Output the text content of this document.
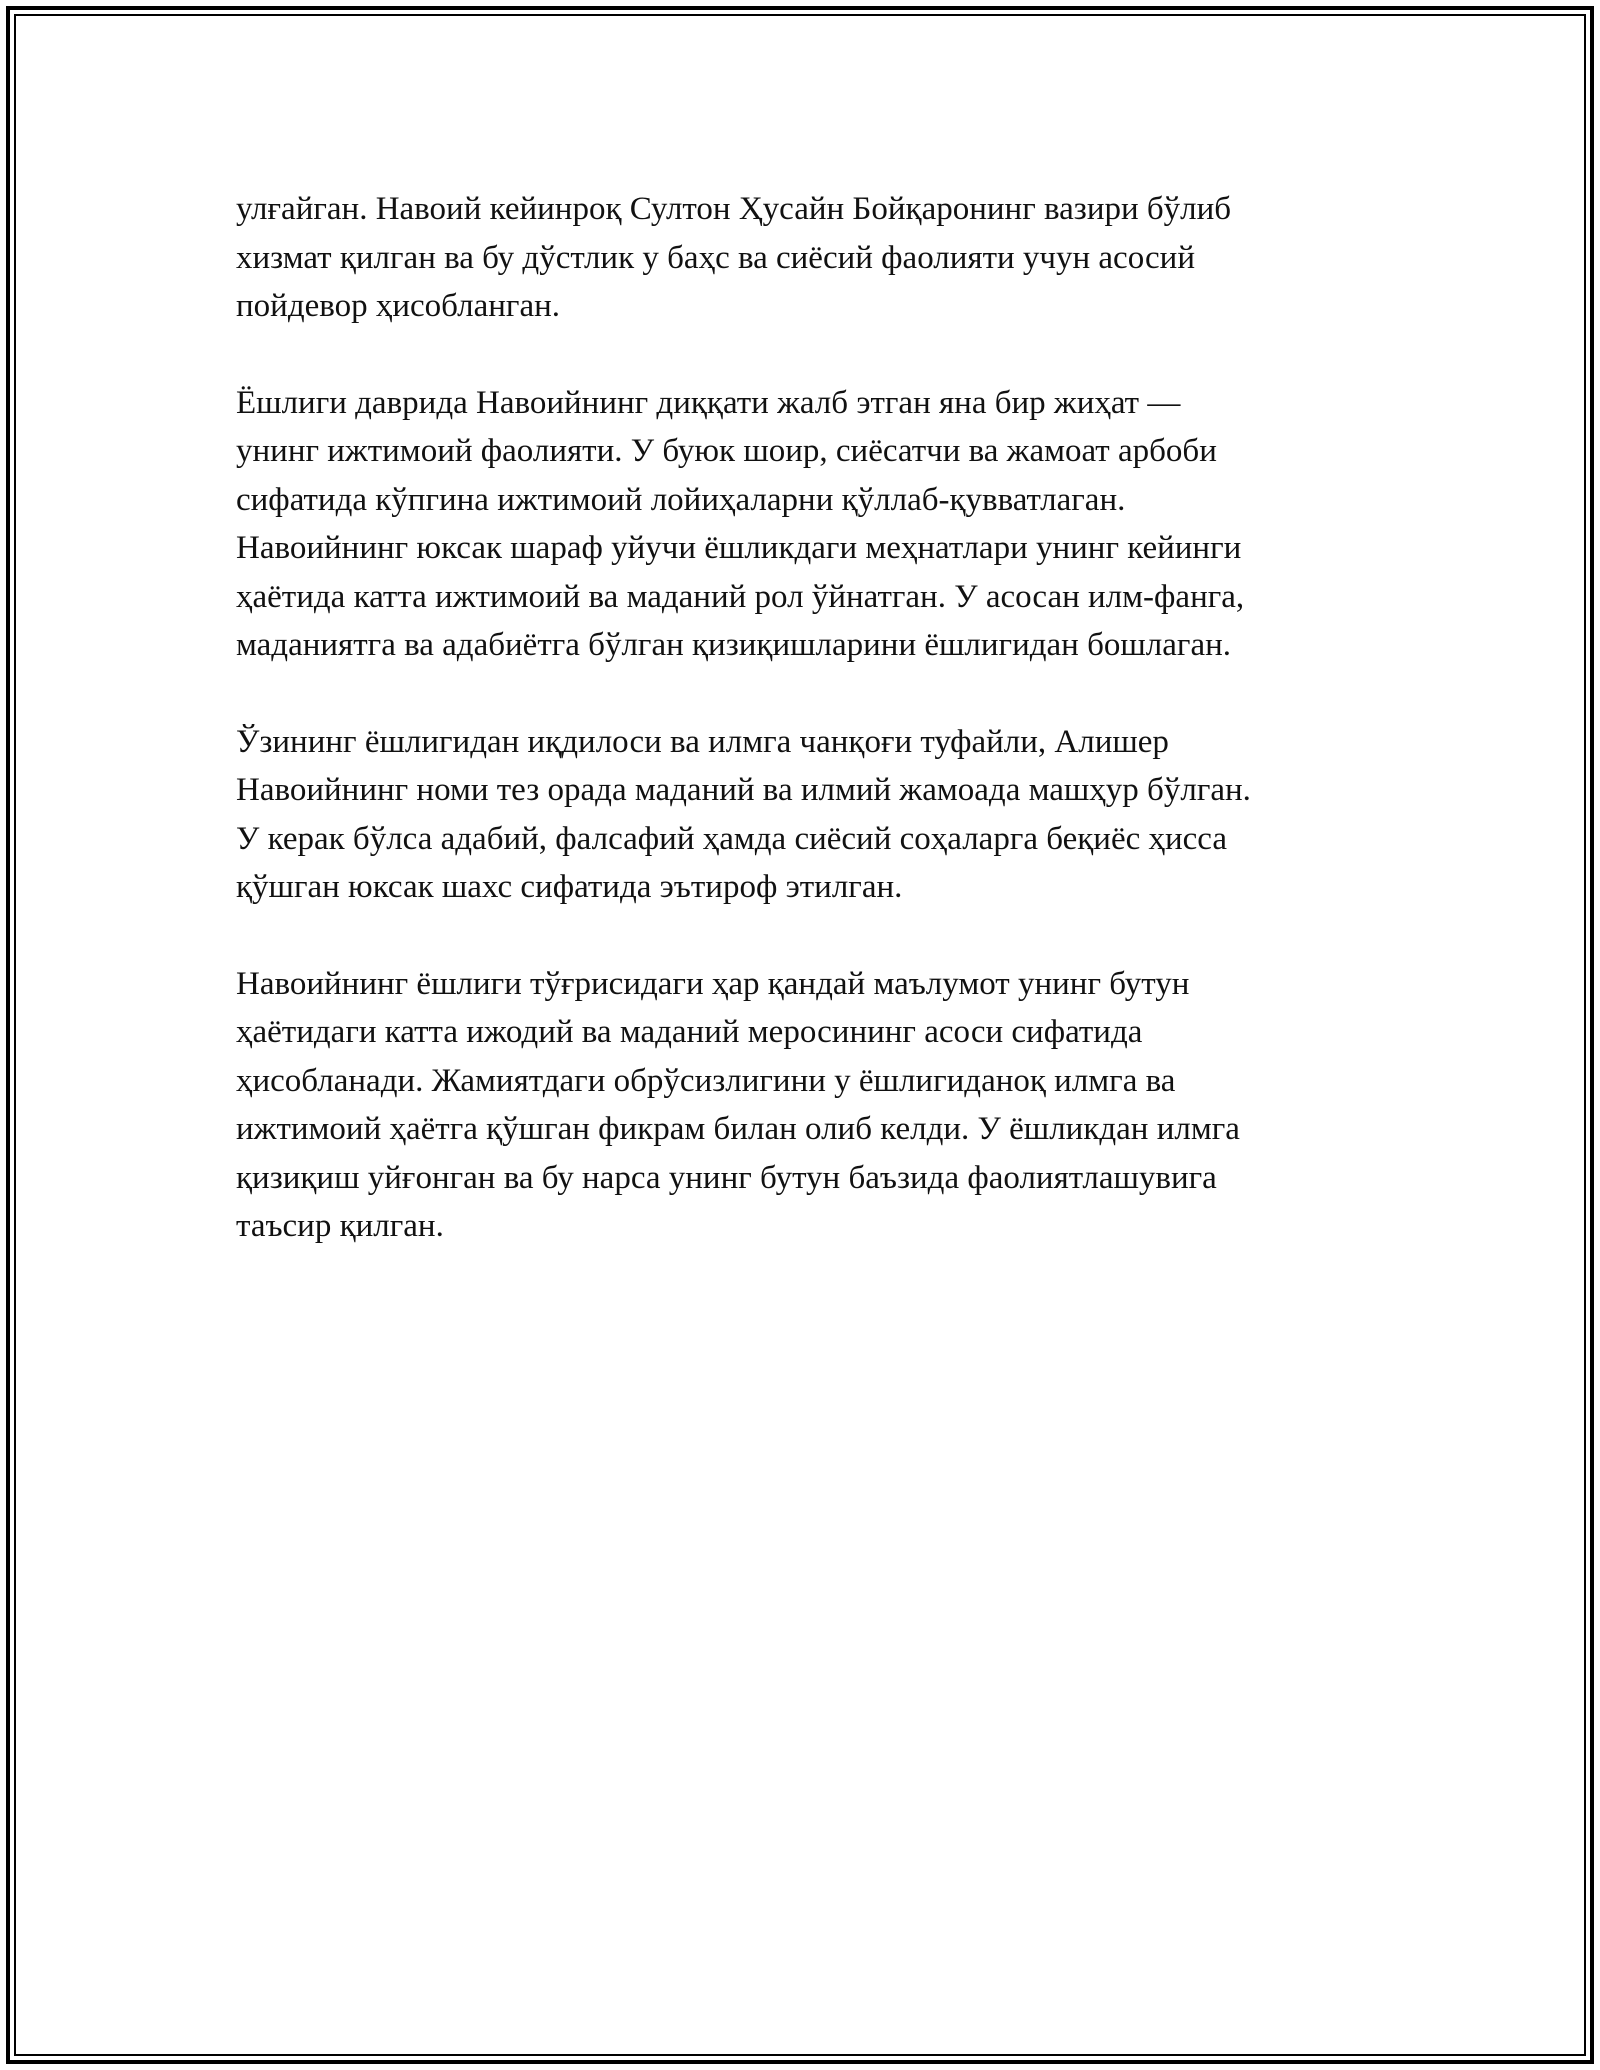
улғайган. Навоий кейинроқ Султон Ҳусайн Бойқаронинг вазири бўлиб
хизмат қилган ва бу дўстлик у баҳс ва сиёсий фаолияти учун асосий
пойдевор ҳисобланган.

Ёшлиги даврида Навоийнинг диққати жалб этган яна бир жиҳат —
унинг ижтимоий фаолияти. У буюк шоир, сиёсатчи ва жамоат арбоби
сифатида кўпгина ижтимоий лойиҳаларни қўллаб-қувватлаган.
Навоийнинг юксак шараф уйучи ёшликдаги меҳнатлари унинг кейинги
ҳаётида катта ижтимоий ва маданий рол ўйнатган. У асосан илм-фанга,
маданиятга ва адабиётга бўлган қизиқишларини ёшлигидан бошлаган.

Ўзининг ёшлигидан иқдилоси ва илмга чанқоғи туфайли, Алишер
Навоийнинг номи тез орада маданий ва илмий жамоада машҳур бўлган.
У керак бўлса адабий, фалсафий ҳамда сиёсий соҳаларга беқиёс ҳисса
қўшган юксак шахс сифатида эътироф этилган.

Навоийнинг ёшлиги тўғрисидаги ҳар қандай маълумот унинг бутун
ҳаётидаги катта ижодий ва маданий меросининг асоси сифатида
ҳисобланади. Жамиятдаги обрўсизлигини у ёшлигиданоқ илмга ва
ижтимоий ҳаётга қўшган фикрам билан олиб келди. У ёшликдан илмга
қизиқиш уйғонган ва бу нарса унинг бутун баъзида фаолиятлашувига
таъсир қилган.
